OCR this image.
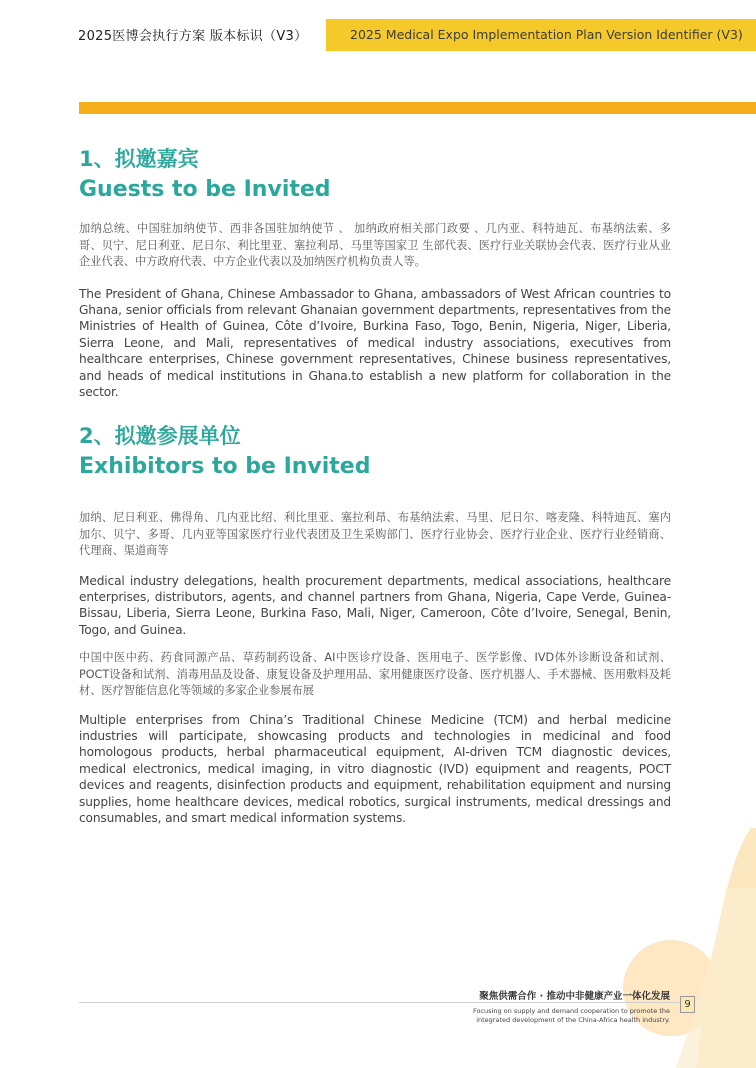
2025医博会执行方案 版本标识（V3）	2025 Medical Expo Implementation Plan Version Identifier (V3)
1、拟邀嘉宾
Guests to be Invited

加纳总统、中国驻加纳使节、西非各国驻加纳使节 、 加纳政府相关部门政要 、几内亚、科特迪瓦、布基纳法索、多哥、贝宁、尼日利亚、尼日尔、利比里亚、塞拉利昂、马里等国家卫 生部代表、医疗行业关联协会代表、医疗行业从业企业代表、中方政府代表、中方企业代表以及加纳医疗机构负责人等。

The President of Ghana, Chinese Ambassador to Ghana, ambassadors of West African countries to Ghana, senior officials from relevant Ghanaian government departments, representatives from the Ministries of Health of Guinea, Côte d’Ivoire, Burkina Faso, Togo, Benin, Nigeria, Niger, Liberia, Sierra Leone, and Mali, representatives of medical industry associations, executives from healthcare enterprises, Chinese government representatives, Chinese business representatives, and heads of medical institutions in Ghana.to establish a new platform for collaboration in the sector.

2、拟邀参展单位
Exhibitors to be Invited

加纳、尼日利亚、佛得角、几内亚比绍、利比里亚、塞拉利昂、布基纳法索、马里、尼日尔、喀麦隆、科特迪瓦、塞内加尔、贝宁、多哥、几内亚等国家医疗行业代表团及卫生采购部门、医疗行业协会、医疗行业企业、医疗行业经销商、代理商、渠道商等

Medical industry delegations, health procurement departments, medical associations, healthcare enterprises, distributors, agents, and channel partners from Ghana, Nigeria, Cape Verde, Guinea-Bissau, Liberia, Sierra Leone, Burkina Faso, Mali, Niger, Cameroon, Côte d’Ivoire, Senegal, Benin, Togo, and Guinea.

中国中医中药、药食同源产品、草药制药设备、AI中医诊疗设备、医用电子、医学影像、IVD体外诊断设备和试剂、POCT设备和试剂、消毒用品及设备、康复设备及护理用品、家用健康医疗设备、医疗机器人、手术器械、医用敷料及耗材、医疗智能信息化等领域的多家企业参展布展

Multiple enterprises from China’s Traditional Chinese Medicine (TCM) and herbal medicine industries will participate, showcasing products and technologies in medicinal and food homologous products, herbal pharmaceutical equipment, AI-driven TCM diagnostic devices, medical electronics, medical imaging, in vitro diagnostic (IVD) equipment and reagents, POCT devices and reagents, disinfection products and equipment, rehabilitation equipment and nursing supplies, home healthcare devices, medical robotics, surgical instruments, medical dressings and consumables, and smart medical information systems.

聚焦供需合作 · 推动中非健康产业一体化发展
Focusing on supply and demand cooperation to promote the integrated development of the China-Africa health industry.
9
